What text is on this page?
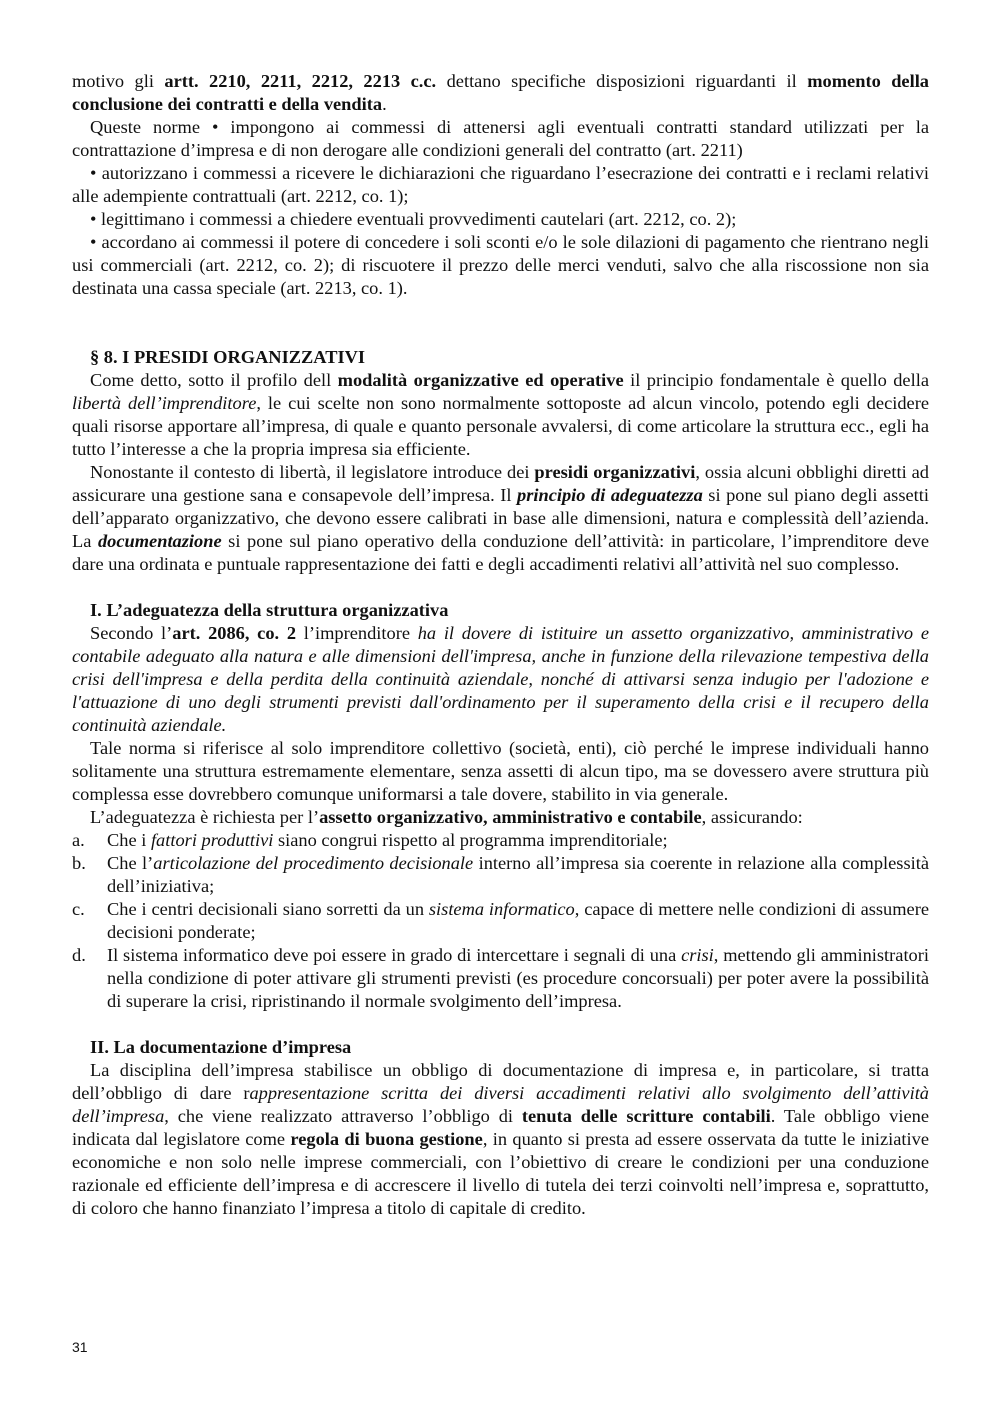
motivo gli artt. 2210, 2211, 2212, 2213 c.c. dettano specifiche disposizioni riguardanti il momento della conclusione dei contratti e della vendita.

Queste norme • impongono ai commessi di attenersi agli eventuali contratti standard utilizzati per la contrattazione d’impresa e di non derogare alle condizioni generali del contratto (art. 2211)

• autorizzano i commessi a ricevere le dichiarazioni che riguardano l’esecrazione dei contratti e i reclami relativi alle adempiente contrattuali (art. 2212, co. 1);

• legittimano i commessi a chiedere eventuali provvedimenti cautelari (art. 2212, co. 2);

• accordano ai commessi il potere di concedere i soli sconti e/o le sole dilazioni di pagamento che rientrano negli usi commerciali (art. 2212, co. 2); di riscuotere il prezzo delle merci venduti, salvo che alla riscossione non sia destinata una cassa speciale (art. 2213, co. 1).

§ 8. I PRESIDI ORGANIZZATIVI

Come detto, sotto il profilo dell modalità organizzative ed operative il principio fondamentale è quello della libertà dell’imprenditore, le cui scelte non sono normalmente sottoposte ad alcun vincolo, potendo egli decidere quali risorse apportare all’impresa, di quale e quanto personale avvalersi, di come articolare la struttura ecc., egli ha tutto l’interesse a che la propria impresa sia efficiente.

Nonostante il contesto di libertà, il legislatore introduce dei presidi organizzativi, ossia alcuni obblighi diretti ad assicurare una gestione sana e consapevole dell’impresa. Il principio di adeguatezza si pone sul piano degli assetti dell’apparato organizzativo, che devono essere calibrati in base alle dimensioni, natura e complessità dell’azienda. La documentazione si pone sul piano operativo della conduzione dell’attività: in particolare, l’imprenditore deve dare una ordinata e puntuale rappresentazione dei fatti e degli accadimenti relativi all’attività nel suo complesso.

I. L’adeguatezza della struttura organizzativa

Secondo l’art. 2086, co. 2 l’imprenditore ha il dovere di istituire un assetto organizzativo, amministrativo e contabile adeguato alla natura e alle dimensioni dell'impresa, anche in funzione della rilevazione tempestiva della crisi dell'impresa e della perdita della continuità aziendale, nonché di attivarsi senza indugio per l'adozione e l'attuazione di uno degli strumenti previsti dall'ordinamento per il superamento della crisi e il recupero della continuità aziendale.

Tale norma si riferisce al solo imprenditore collettivo (società, enti), ciò perché le imprese individuali hanno solitamente una struttura estremamente elementare, senza assetti di alcun tipo, ma se dovessero avere struttura più complessa esse dovrebbero comunque uniformarsi a tale dovere, stabilito in via generale.

L’adeguatezza è richiesta per l’assetto organizzativo, amministrativo e contabile, assicurando:

a.	Che i fattori produttivi siano congrui rispetto al programma imprenditoriale;
b.	Che l’articolazione del procedimento decisionale interno all’impresa sia coerente in relazione alla complessità dell’iniziativa;
c.	Che i centri decisionali siano sorretti da un sistema informatico, capace di mettere nelle condizioni di assumere decisioni ponderate;
d.	Il sistema informatico deve poi essere in grado di intercettare i segnali di una crisi, mettendo gli amministratori nella condizione di poter attivare gli strumenti previsti (es procedure concorsuali) per poter avere la possibilità di superare la crisi, ripristinando il normale svolgimento dell’impresa.

II. La documentazione d’impresa

La disciplina dell’impresa stabilisce un obbligo di documentazione di impresa e, in particolare, si tratta dell’obbligo di dare rappresentazione scritta dei diversi accadimenti relativi allo svolgimento dell’attività dell’impresa, che viene realizzato attraverso l’obbligo di tenuta delle scritture contabili. Tale obbligo viene indicata dal legislatore come regola di buona gestione, in quanto si presta ad essere osservata da tutte le iniziative economiche e non solo nelle imprese commerciali, con l’obiettivo di creare le condizioni per una conduzione razionale ed efficiente dell’impresa e di accrescere il livello di tutela dei terzi coinvolti nell’impresa e, soprattutto, di coloro che hanno finanziato l’impresa a titolo di capitale di credito.

31
